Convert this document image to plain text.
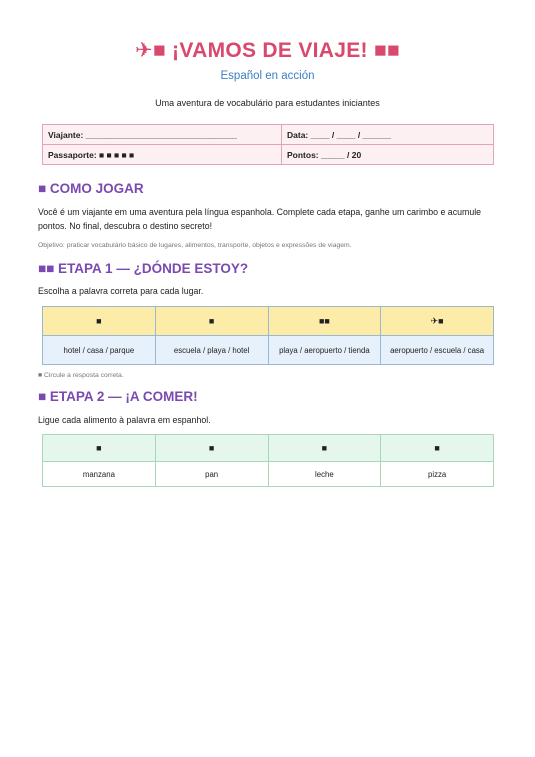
✈■ ¡VAMOS DE VIAJE! ■■
Español en acción
Uma aventura de vocabulário para estudantes iniciantes
Viajante: ________________________________	Data: ____ / ____ / ______
Passaporte: ■ ■ ■ ■ ■	Pontos: _____ / 20
■ COMO JOGAR
Você é um viajante em uma aventura pela língua espanhola. Complete cada etapa, ganhe um carimbo e acumule pontos. No final, descubra o destino secreto!
Objetivo: praticar vocabulário básico de lugares, alimentos, transporte, objetos e expressões de viagem.
■■ ETAPA 1 — ¿DÓNDE ESTOY?
Escolha a palavra correta para cada lugar.
■	■	■■	✈■
hotel / casa / parque	escuela / playa / hotel	playa / aeropuerto / tienda	aeropuerto / escuela / casa
■ Circule a resposta correta.
■ ETAPA 2 — ¡A COMER!
Ligue cada alimento à palavra em espanhol.
■	■	■	■
manzana	pan	leche	pizza
